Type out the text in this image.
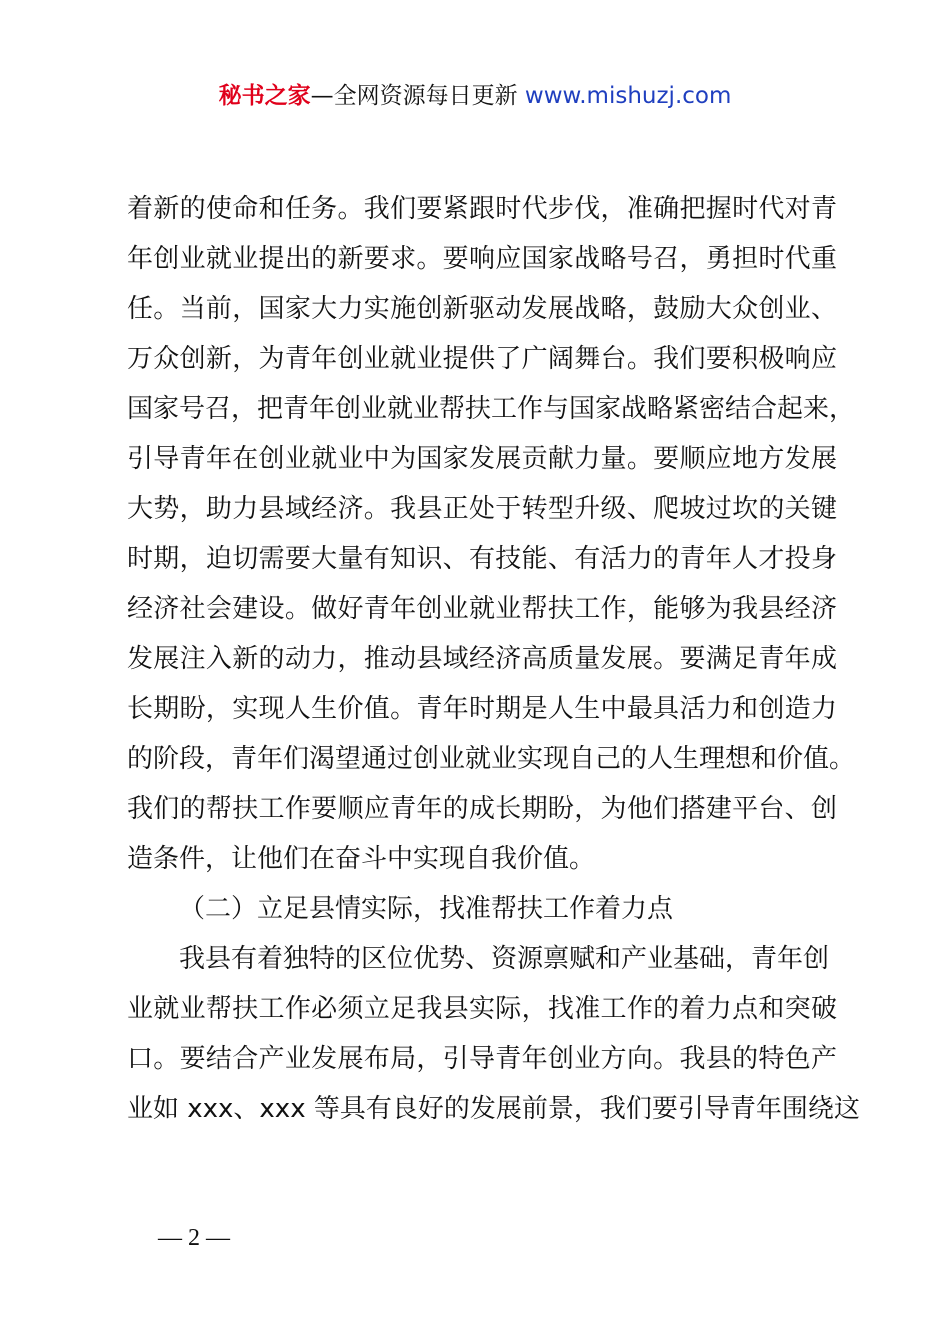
秘书之家—全网资源每日更新 www.mishuzj.com
着新的使命和任务。我们要紧跟时代步伐，准确把握时代对青
年创业就业提出的新要求。要响应国家战略号召，勇担时代重
任。当前，国家大力实施创新驱动发展战略，鼓励大众创业、
万众创新，为青年创业就业提供了广阔舞台。我们要积极响应
国家号召，把青年创业就业帮扶工作与国家战略紧密结合起来，
引导青年在创业就业中为国家发展贡献力量。要顺应地方发展
大势，助力县域经济。我县正处于转型升级、爬坡过坎的关键
时期，迫切需要大量有知识、有技能、有活力的青年人才投身
经济社会建设。做好青年创业就业帮扶工作，能够为我县经济
发展注入新的动力，推动县域经济高质量发展。要满足青年成
长期盼，实现人生价值。青年时期是人生中最具活力和创造力
的阶段，青年们渴望通过创业就业实现自己的人生理想和价值。
我们的帮扶工作要顺应青年的成长期盼，为他们搭建平台、创
造条件，让他们在奋斗中实现自我价值。
（二）立足县情实际，找准帮扶工作着力点
我县有着独特的区位优势、资源禀赋和产业基础，青年创
业就业帮扶工作必须立足我县实际，找准工作的着力点和突破
口。要结合产业发展布局，引导青年创业方向。我县的特色产
业如 xxx、xxx 等具有良好的发展前景，我们要引导青年围绕这
— 2 —
